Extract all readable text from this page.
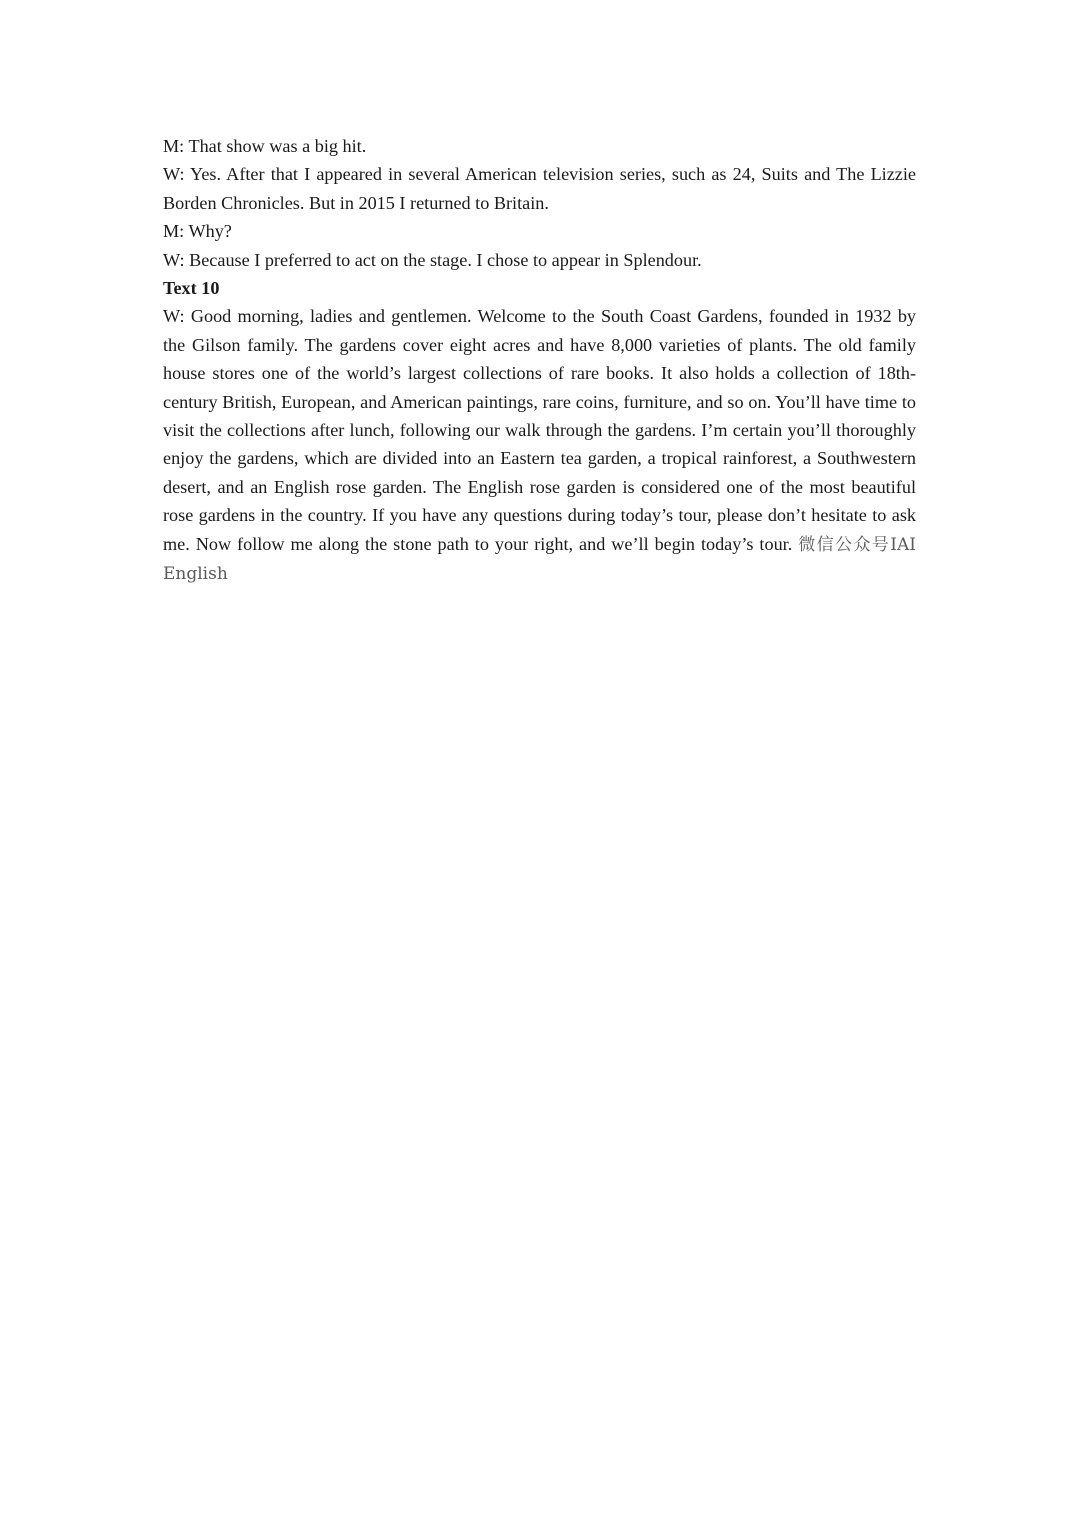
M: That show was a big hit.

W: Yes. After that I appeared in several American television series, such as 24, Suits and The Lizzie Borden Chronicles. But in 2015 I returned to Britain.

M: Why?

W: Because I preferred to act on the stage. I chose to appear in Splendour.

Text 10

W: Good morning, ladies and gentlemen. Welcome to the South Coast Gardens, founded in 1932 by the Gilson family. The gardens cover eight acres and have 8,000 varieties of plants. The old family house stores one of the world’s largest collections of rare books. It also holds a collection of 18th-century British, European, and American paintings, rare coins, furniture, and so on. You’ll have time to visit the collections after lunch, following our walk through the gardens. I’m certain you’ll thoroughly enjoy the gardens, which are divided into an Eastern tea garden, a tropical rainforest, a Southwestern desert, and an English rose garden. The English rose garden is considered one of the most beautiful rose gardens in the country. If you have any questions during today’s tour, please don’t hesitate to ask me. Now follow me along the stone path to your right, and we’ll begin today’s tour. 微信公众号IAI English
